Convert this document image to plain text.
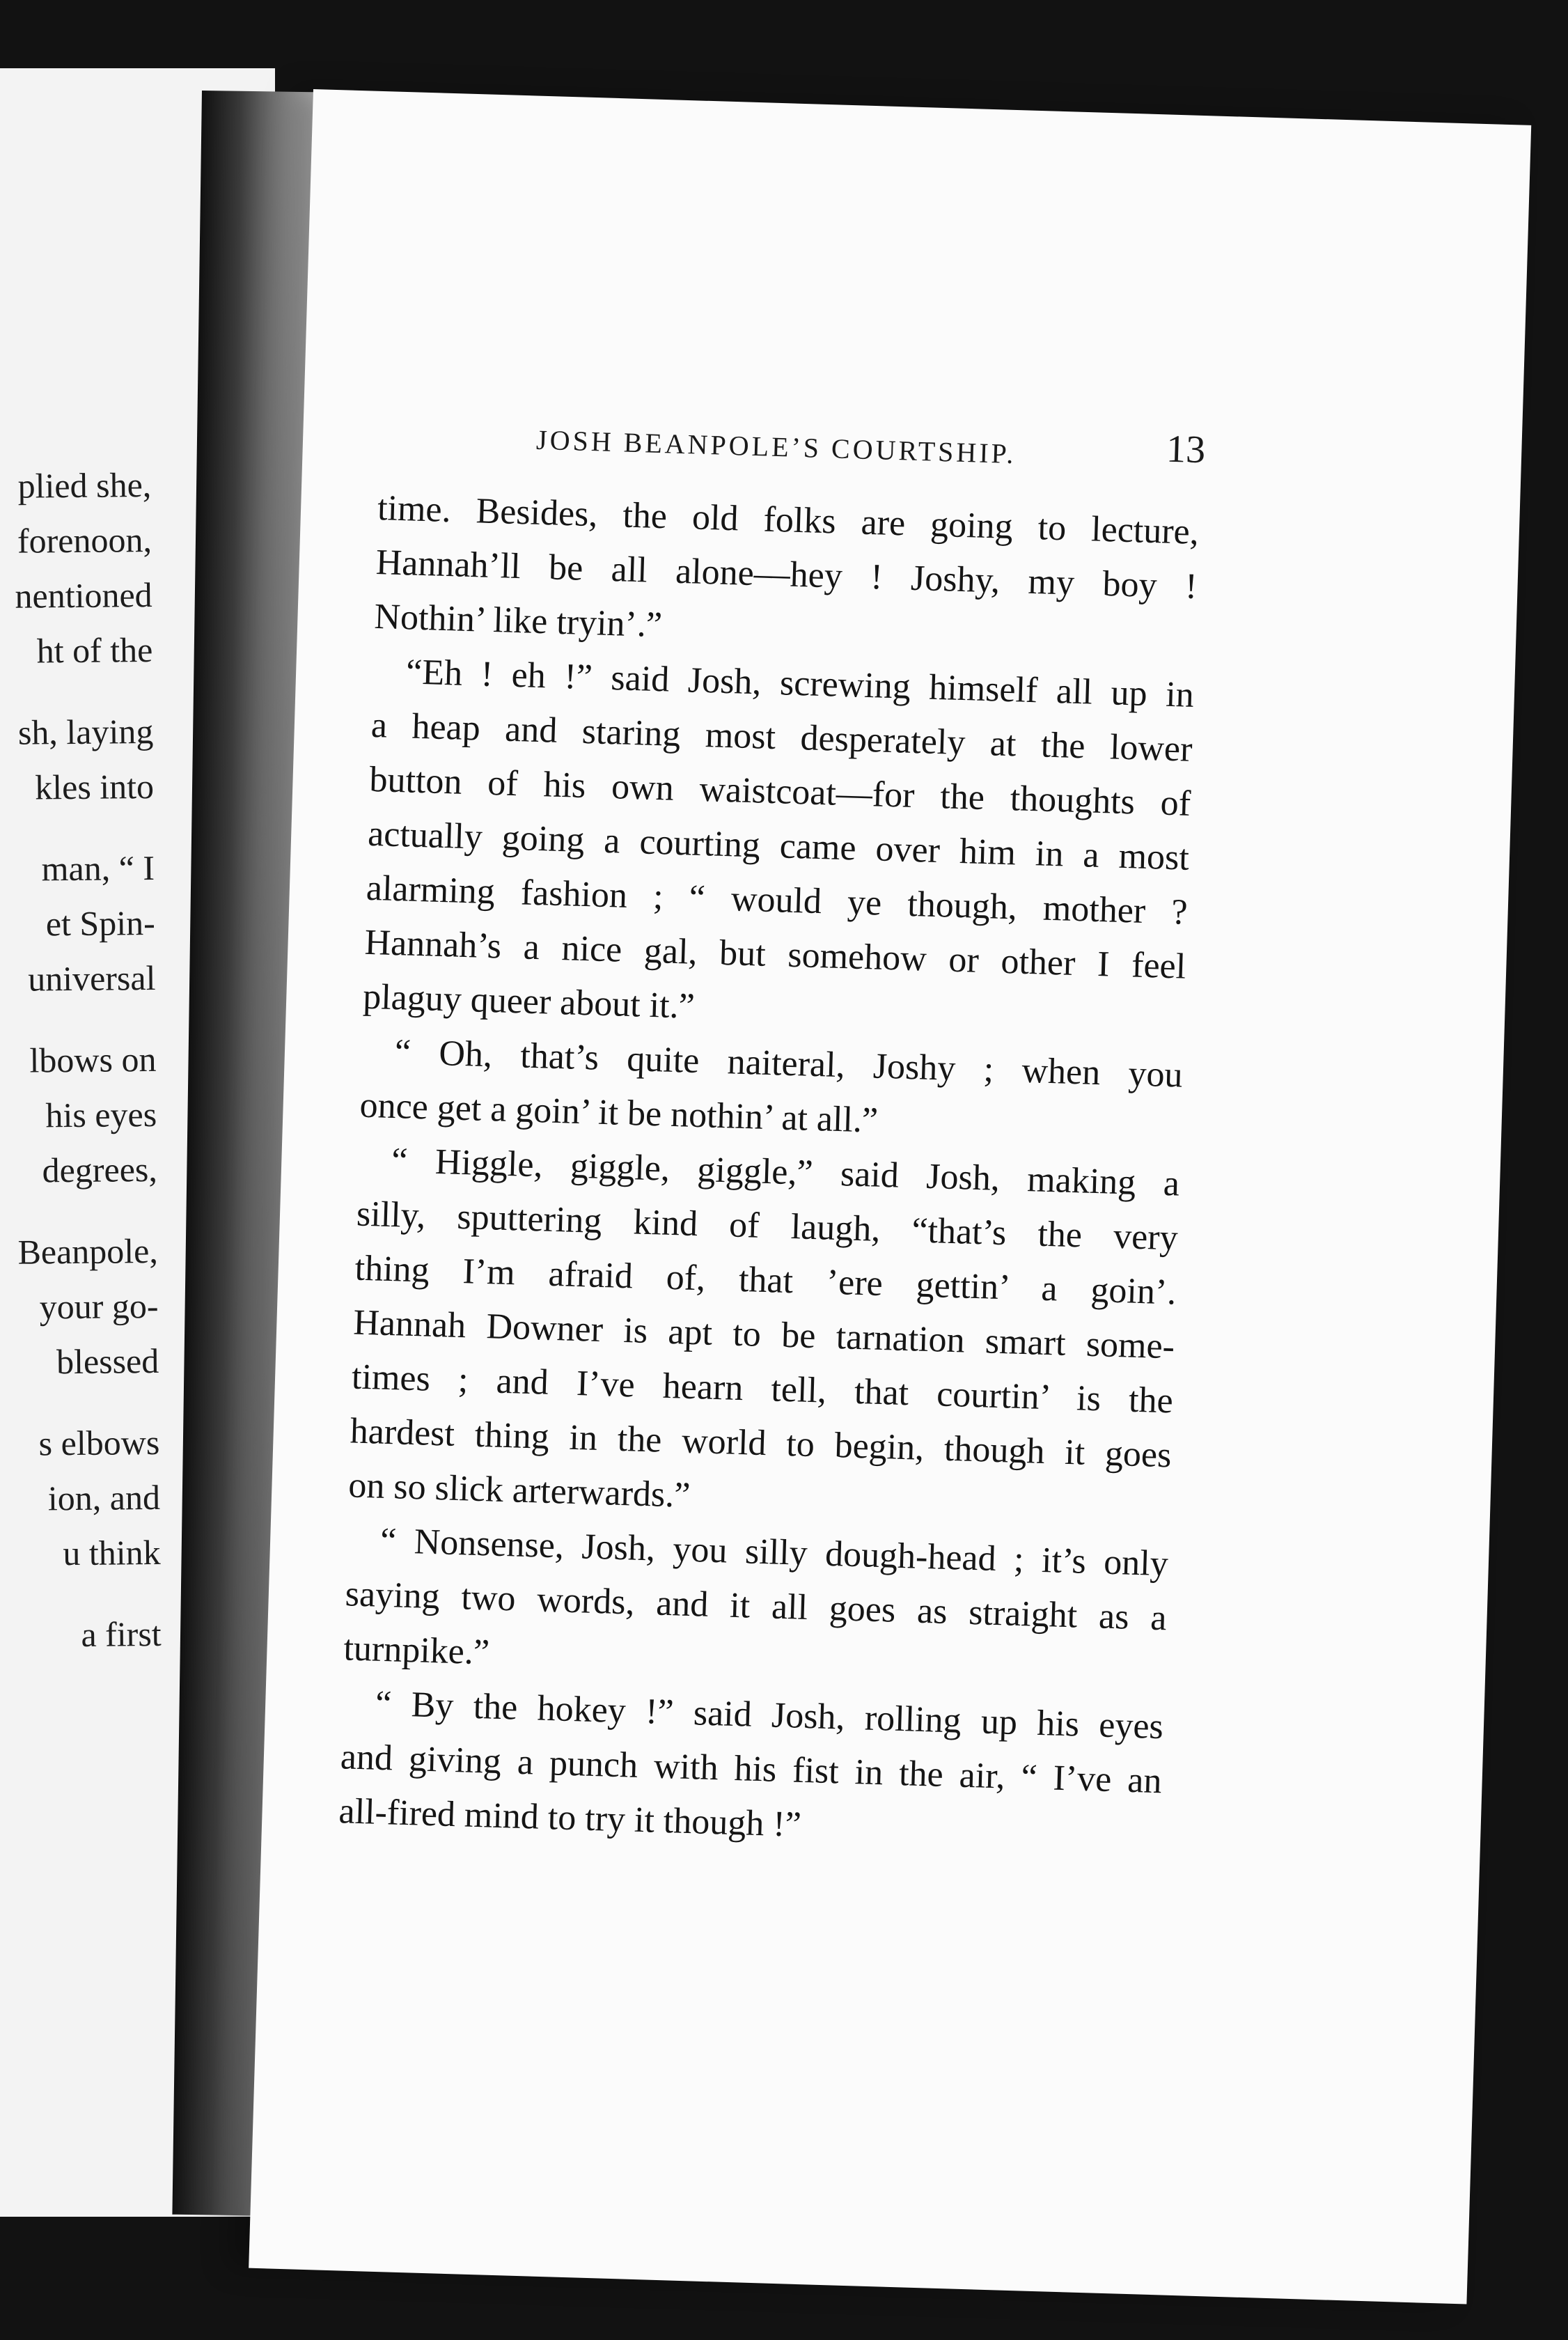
plied she,
forenoon,
nentioned
ht of the
sh, laying
kles into
man, “ I
et Spin-
universal
lbows on
his eyes
degrees,
Beanpole,
your go-
blessed
s elbows
ion, and
u think
a first
JOSH BEANPOLE’S COURTSHIP.	13
time. Besides, the old folks are going to lecture,
Hannah’ll be all alone––hey ! Joshy, my boy !
Nothin’ like tryin’.”
“Eh ! eh !” said Josh, screwing himself all up in
a heap and staring most desperately at the lower
button of his own waistcoat—for the thoughts of
actually going a courting came over him in a most
alarming fashion ; “ would ye though, mother ?
Hannah’s a nice gal, but somehow or other I feel
plaguy queer about it.”
“ Oh, that’s quite naiteral, Joshy ; when you
once get a goin’ it be nothin’ at all.”
“ Higgle, giggle, giggle,” said Josh, making a
silly, sputtering kind of laugh, “that’s the very
thing I’m afraid of, that ’ere gettin’ a goin’.
Hannah Downer is apt to be tarnation smart some-
times ; and I’ve hearn tell, that courtin’ is the
hardest thing in the world to begin, though it goes
on so slick arterwards.”
“ Nonsense, Josh, you silly dough-head ; it’s only
saying two words, and it all goes as straight as a
turnpike.”
“ By the hokey !” said Josh, rolling up his eyes
and giving a punch with his fist in the air, “ I’ve an
all-fired mind to try it though !”
